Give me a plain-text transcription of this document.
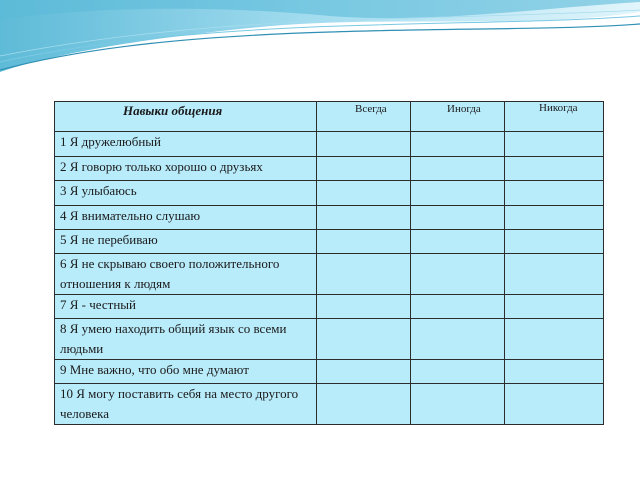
Навыки общения	Всегда	Иногда	Никогда
1 Я дружелюбный			
2 Я говорю только хорошо о друзьях			
3 Я улыбаюсь			
4 Я внимательно слушаю			
5 Я не перебиваю			
6 Я не скрываю своего положительного отношения к людям			
7 Я - честный			
8 Я умею находить общий язык со всеми людьми			
9 Мне важно, что обо мне думают			
10 Я могу поставить себя на место другого человека			
